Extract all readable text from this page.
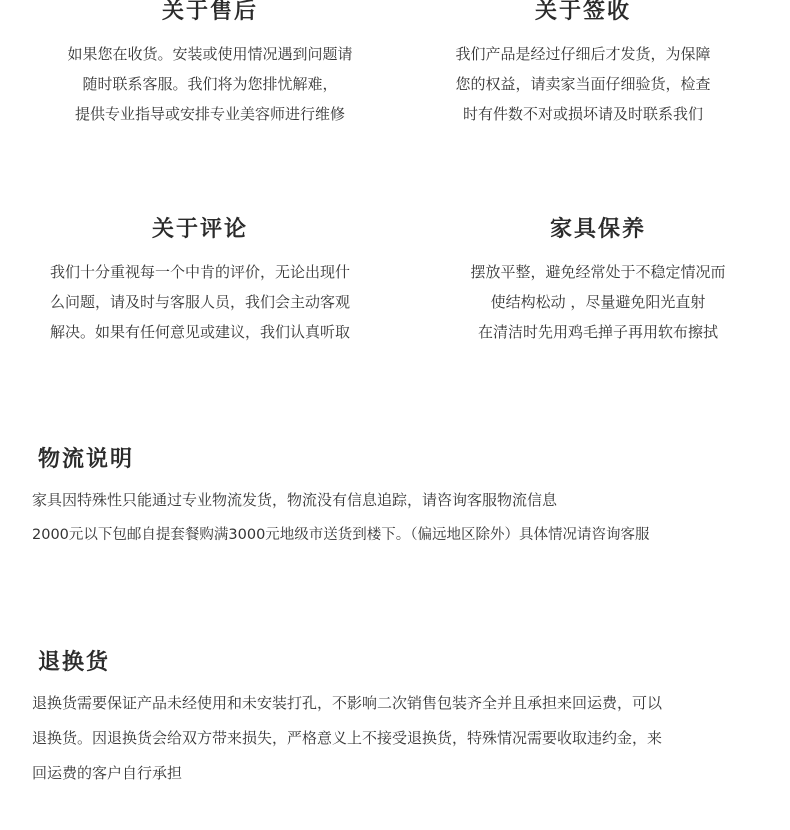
关于售后
如果您在收货。安装或使用情况遇到问题请
随时联系客服。我们将为您排忧解难，
提供专业指导或安排专业美容师进行维修
关于签收
我们产品是经过仔细后才发货，为保障
您的权益，请卖家当面仔细验货，检查
时有件数不对或损坏请及时联系我们
关于评论
我们十分重视每一个中肯的评价，无论出现什
么问题，请及时与客服人员，我们会主动客观
解决。如果有任何意见或建议，我们认真听取
家具保养
摆放平整，避免经常处于不稳定情况而
使结构松动 ，尽量避免阳光直射
在清洁时先用鸡毛掸子再用软布擦拭
物流说明
家具因特殊性只能通过专业物流发货，物流没有信息追踪，请咨询客服物流信息
2000元以下包邮自提套餐购满3000元地级市送货到楼下。（偏远地区除外）具体情况请咨询客服
退换货
退换货需要保证产品未经使用和未安装打孔，不影响二次销售包装齐全并且承担来回运费，可以
退换货。因退换货会给双方带来损失，严格意义上不接受退换货，特殊情况需要收取违约金，来
回运费的客户自行承担
